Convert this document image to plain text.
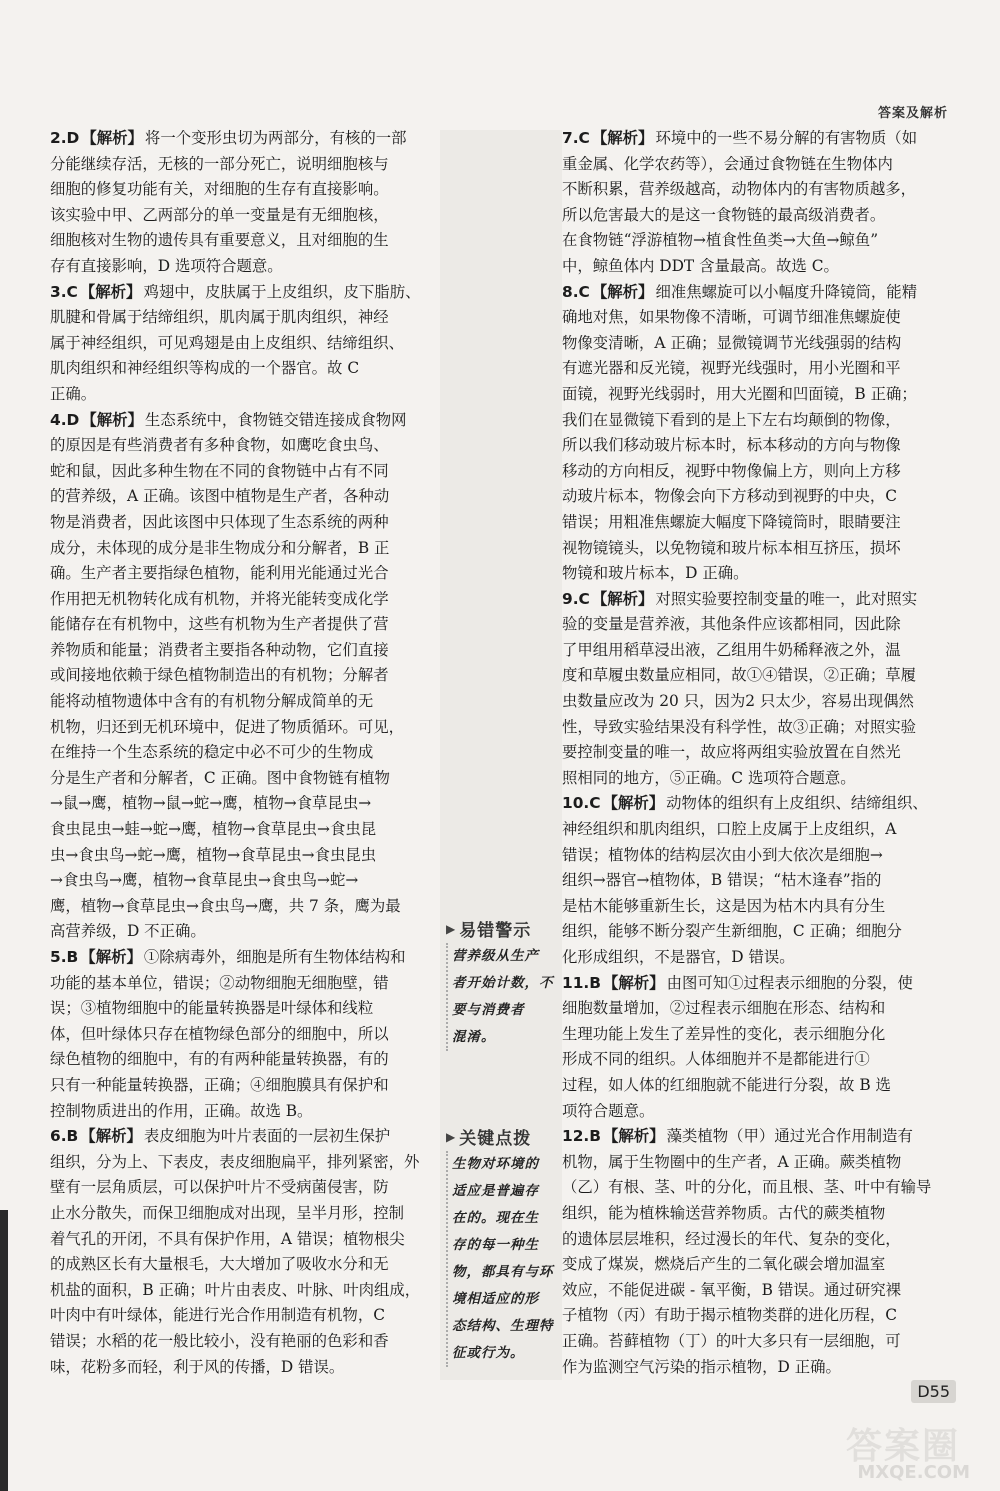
答案及解析

2.D 【解析】 将一个变形虫切为两部分，有核的一部

分能继续存活，无核的一部分死亡，说明细胞核与

细胞的修复功能有关，对细胞的生存有直接影响。

该实验中甲、乙两部分的单一变量是有无细胞核，

细胞核对生物的遗传具有重要意义，且对细胞的生

存有直接影响，D 选项符合题意。

3.C 【解析】 鸡翅中，皮肤属于上皮组织，皮下脂肪、

肌腱和骨属于结缔组织，肌肉属于肌肉组织，神经

属于神经组织，可见鸡翅是由上皮组织、结缔组织、

肌肉组织和神经组织等构成的一个器官。故 C

正确。

4.D 【解析】 生态系统中，食物链交错连接成食物网

的原因是有些消费者有多种食物，如鹰吃食虫鸟、

蛇和鼠，因此多种生物在不同的食物链中占有不同

的营养级，A 正确。该图中植物是生产者，各种动

物是消费者，因此该图中只体现了生态系统的两种

成分，未体现的成分是非生物成分和分解者，B 正

确。生产者主要指绿色植物，能利用光能通过光合

作用把无机物转化成有机物，并将光能转变成化学

能储存在有机物中，这些有机物为生产者提供了营

养物质和能量；消费者主要指各种动物，它们直接

或间接地依赖于绿色植物制造出的有机物；分解者

能将动植物遗体中含有的有机物分解成简单的无

机物，归还到无机环境中，促进了物质循环。可见，

在维持一个生态系统的稳定中必不可少的生物成

分是生产者和分解者，C 正确。图中食物链有植物

→鼠→鹰，植物→鼠→蛇→鹰，植物→食草昆虫→

食虫昆虫→蛙→蛇→鹰，植物→食草昆虫→食虫昆

虫→食虫鸟→蛇→鹰，植物→食草昆虫→食虫昆虫

→食虫鸟→鹰，植物→食草昆虫→食虫鸟→蛇→

鹰，植物→食草昆虫→食虫鸟→鹰，共 7 条，鹰为最

高营养级，D 不正确。

5.B 【解析】 ①除病毒外，细胞是所有生物体结构和

功能的基本单位，错误；②动物细胞无细胞壁，错

误；③植物细胞中的能量转换器是叶绿体和线粒

体，但叶绿体只存在植物绿色部分的细胞中，所以

绿色植物的细胞中，有的有两种能量转换器，有的

只有一种能量转换器，正确；④细胞膜具有保护和

控制物质进出的作用，正确。故选 B。

6.B 【解析】 表皮细胞为叶片表面的一层初生保护

组织，分为上、下表皮，表皮细胞扁平，排列紧密，外

壁有一层角质层，可以保护叶片不受病菌侵害，防

止水分散失，而保卫细胞成对出现，呈半月形，控制

着气孔的开闭，不具有保护作用，A 错误；植物根尖

的成熟区长有大量根毛，大大增加了吸收水分和无

机盐的面积，B 正确；叶片由表皮、叶脉、叶肉组成，

叶肉中有叶绿体，能进行光合作用制造有机物，C

错误；水稻的花一般比较小，没有艳丽的色彩和香

味，花粉多而轻，利于风的传播，D 错误。

7.C 【解析】 环境中的一些不易分解的有害物质（如

重金属、化学农药等），会通过食物链在生物体内

不断积累，营养级越高，动物体内的有害物质越多，

所以危害最大的是这一食物链的最高级消费者。

在食物链“浮游植物→植食性鱼类→大鱼→鲸鱼”

中，鲸鱼体内 DDT 含量最高。故选 C。

8.C 【解析】 细准焦螺旋可以小幅度升降镜筒，能精

确地对焦，如果物像不清晰，可调节细准焦螺旋使

物像变清晰，A 正确；显微镜调节光线强弱的结构

有遮光器和反光镜，视野光线强时，用小光圈和平

面镜，视野光线弱时，用大光圈和凹面镜，B 正确；

我们在显微镜下看到的是上下左右均颠倒的物像，

所以我们移动玻片标本时，标本移动的方向与物像

移动的方向相反，视野中物像偏上方，则向上方移

动玻片标本，物像会向下方移动到视野的中央，C

错误；用粗准焦螺旋大幅度下降镜筒时，眼睛要注

视物镜镜头，以免物镜和玻片标本相互挤压，损坏

物镜和玻片标本，D 正确。

9.C 【解析】 对照实验要控制变量的唯一，此对照实

验的变量是营养液，其他条件应该都相同，因此除

了甲组用稻草浸出液，乙组用牛奶稀释液之外，温

度和草履虫数量应相同，故①④错误，②正确；草履

虫数量应改为 20 只，因为2 只太少，容易出现偶然

性，导致实验结果没有科学性，故③正确；对照实验

要控制变量的唯一，故应将两组实验放置在自然光

照相同的地方，⑤正确。C 选项符合题意。

10.C 【解析】 动物体的组织有上皮组织、结缔组织、

神经组织和肌肉组织，口腔上皮属于上皮组织，A

错误；植物体的结构层次由小到大依次是细胞→

组织→器官→植物体，B 错误；“枯木逢春”指的

是枯木能够重新生长，这是因为枯木内具有分生

组织，能够不断分裂产生新细胞，C 正确；细胞分

化形成组织，不是器官，D 错误。

11.B 【解析】 由图可知①过程表示细胞的分裂，使

细胞数量增加，②过程表示细胞在形态、结构和

生理功能上发生了差异性的变化，表示细胞分化

形成不同的组织。人体细胞并不是都能进行①

过程，如人体的红细胞就不能进行分裂，故 B 选

项符合题意。

12.B 【解析】 藻类植物（甲）通过光合作用制造有

机物，属于生物圈中的生产者，A 正确。蕨类植物

（乙）有根、茎、叶的分化，而且根、茎、叶中有输导

组织，能为植株输送营养物质。古代的蕨类植物

的遗体层层堆积，经过漫长的年代、复杂的变化，

变成了煤炭，燃烧后产生的二氧化碳会增加温室

效应，不能促进碳 - 氧平衡，B 错误。通过研究裸

子植物（丙）有助于揭示植物类群的进化历程，C

正确。苔藓植物（丁）的叶大多只有一层细胞，可

作为监测空气污染的指示植物，D 正确。

▶ 易错警示
营养级从生产
者开始计数，不
要与消费者
混淆。
▶ 关键点拨
生物对环境的
适应是普遍存
在的。现在生
存的每一种生
物，都具有与环
境相适应的形
态结构、生理特
征或行为。
D55
答案圈
MXQE.COM
